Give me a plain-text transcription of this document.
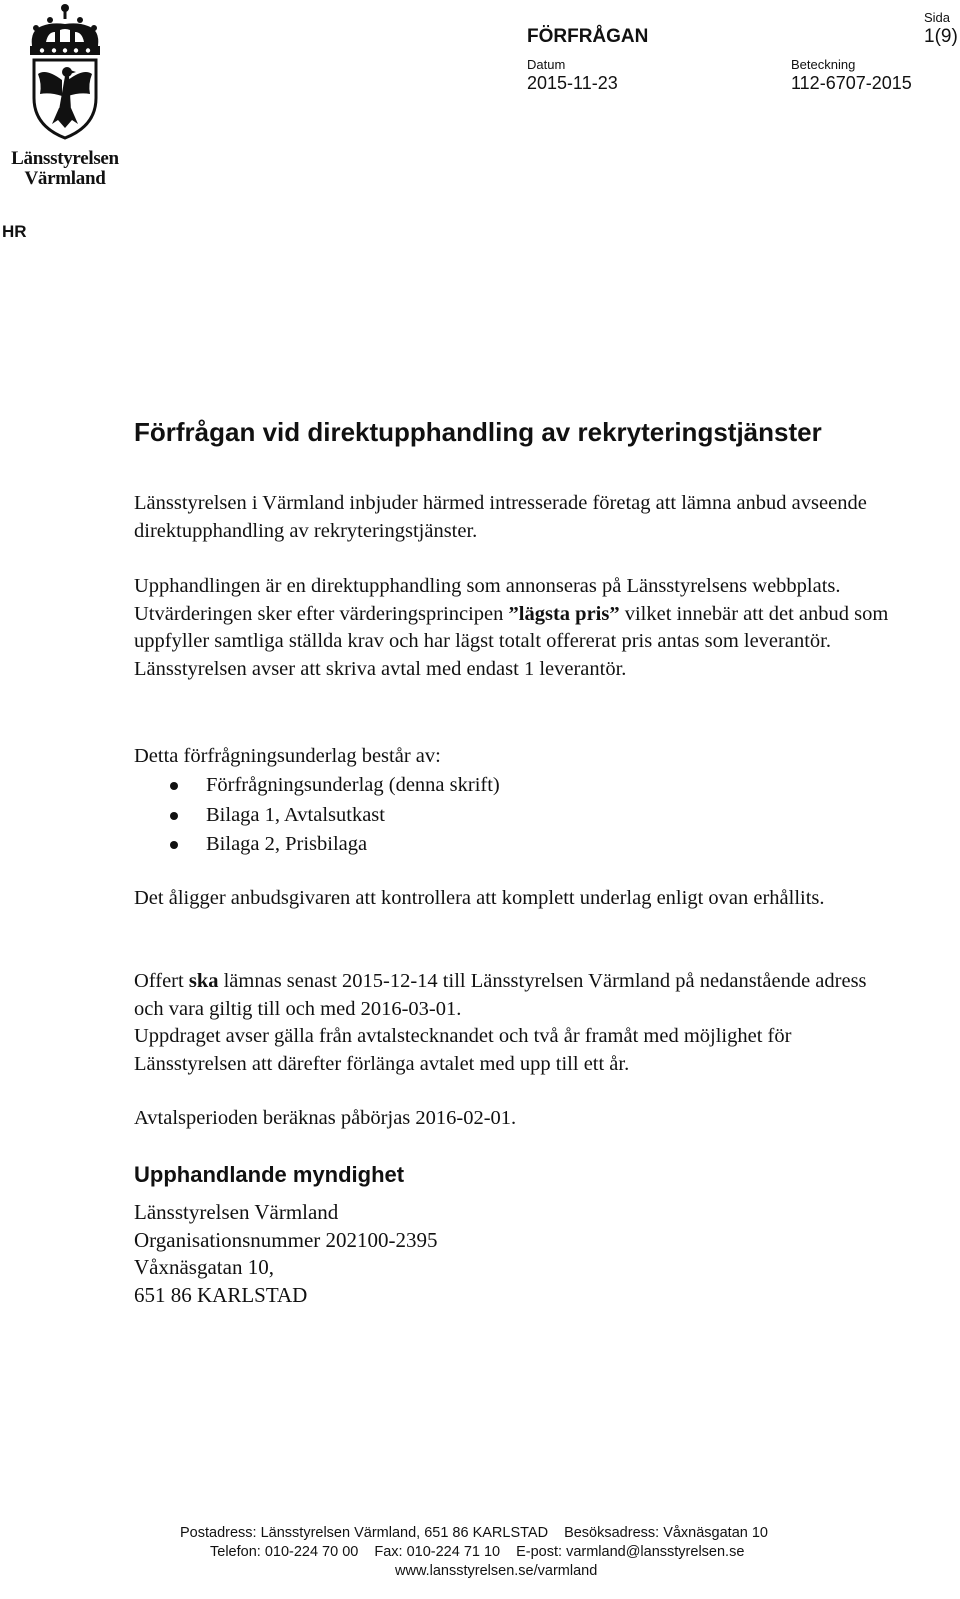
Länsstyrelsen
Värmland
FÖRFRÅGAN
Sida
1(9)
Datum
2015-11-23
Beteckning
112-6707-2015
HR
Förfrågan vid direktupphandling av rekryteringstjänster

Länsstyrelsen i Värmland inbjuder härmed intresserade företag att lämna anbud avseende direktupphandling av rekryteringstjänster.

Upphandlingen är en direktupphandling som annonseras på Länsstyrelsens webbplats. Utvärderingen sker efter värderingsprincipen ”lägsta pris” vilket innebär att det anbud som uppfyller samtliga ställda krav och har lägst totalt offererat pris antas som leverantör. Länsstyrelsen avser att skriva avtal med endast 1 leverantör.

Detta förfrågningsunderlag består av:

Förfrågningsunderlag (denna skrift)
Bilaga 1, Avtalsutkast
Bilaga 2, Prisbilaga

Det åligger anbudsgivaren att kontrollera att komplett underlag enligt ovan erhållits.

Offert ska lämnas senast 2015-12-14 till Länsstyrelsen Värmland på nedanstående adress och vara giltig till och med 2016-03-01.

Uppdraget avser gälla från avtalstecknandet och två år framåt med möjlighet för Länsstyrelsen att därefter förlänga avtalet med upp till ett år.

Avtalsperioden beräknas påbörjas 2016-02-01.

Upphandlande myndighet
Länsstyrelsen Värmland
Organisationsnummer 202100-2395
Våxnäsgatan 10,
651 86 KARLSTAD
Postadress: Länsstyrelsen Värmland, 651 86 KARLSTAD Besöksadress: Våxnäsgatan 10
Telefon: 010-224 70 00 Fax: 010-224 71 10 E-post: varmland@lansstyrelsen.se
www.lansstyrelsen.se/varmland
